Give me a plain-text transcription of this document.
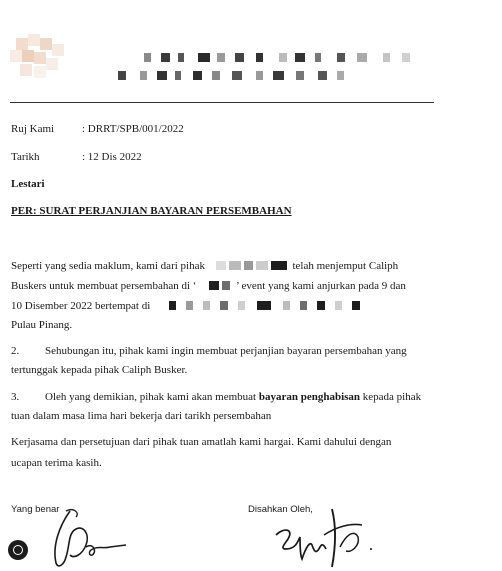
Ruj Kami	: DRRT/SPB/001/2022
Tarikh	: 12 Dis 2022
Lestari
PER: SURAT PERJANJIAN BAYARAN PERSEMBAHAN
Seperti yang sedia maklum, kami dari pihak	telah menjemput Caliph
Buskers untuk membuat persembahan di ‘	’ event yang kami anjurkan pada 9 dan
10 Disember 2022 bertempat di
Pulau Pinang.
2. Sehubungan itu, pihak kami ingin membuat perjanjian bayaran persembahan yang
tertunggak kepada pihak Caliph Busker.
3. Oleh yang demikian, pihak kami akan membuat bayaran penghabisan kepada pihak
tuan dalam masa lima hari bekerja dari tarikh persembahan
Kerjasama dan persetujuan dari pihak tuan amatlah kami hargai. Kami dahului dengan
ucapan terima kasih.
Yang benar	Disahkan Oleh,
